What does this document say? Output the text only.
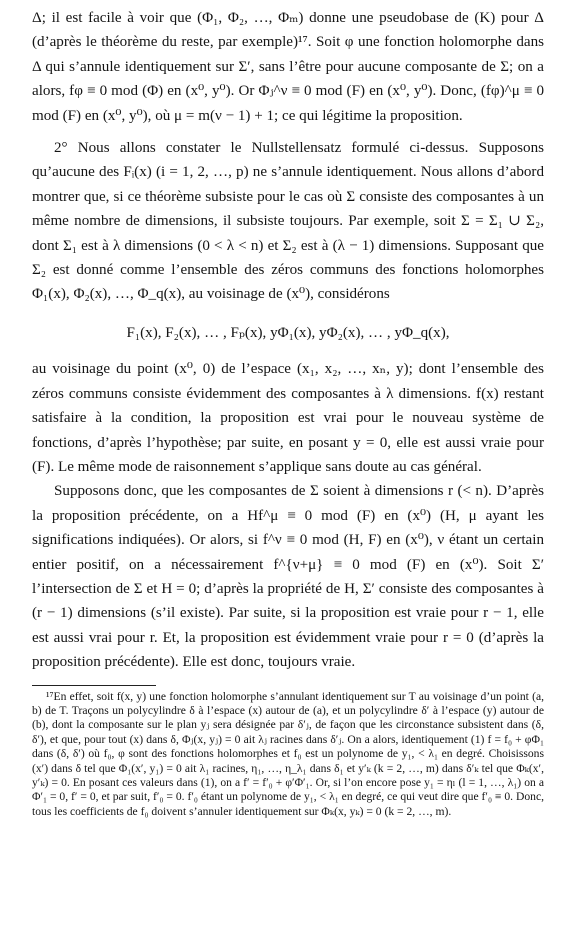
Δ; il est facile à voir que (Φ₁, Φ₂, …, Φₘ) donne une pseudobase de (K) pour Δ (d’après le théorème du reste, par exemple)¹⁷. Soit φ une fonction holomorphe dans Δ qui s’annule identiquement sur Σ′, sans l’être pour aucune composante de Σ; on a alors, fφ ≡ 0 mod (Φ) en (x⁰, y⁰). Or Φⱼ^ν ≡ 0 mod (F) en (x⁰, y⁰). Donc, (fφ)^μ ≡ 0 mod (F) en (x⁰, y⁰), où μ = m(ν − 1) + 1; ce qui légitime la proposition.

2° Nous allons constater le Nullstellensatz formulé ci-dessus. Supposons qu’aucune des Fᵢ(x) (i = 1, 2, …, p) ne s’annule identiquement. Nous allons d’abord montrer que, si ce théorème subsiste pour le cas où Σ consiste des composantes à un même nombre de dimensions, il subsiste toujours. Par exemple, soit Σ = Σ₁ ∪ Σ₂, dont Σ₁ est à λ dimensions (0 < λ < n) et Σ₂ est à (λ − 1) dimensions. Supposant que Σ₂ est donné comme l’ensemble des zéros communs des fonctions holomorphes Φ₁(x), Φ₂(x), …, Φ_q(x), au voisinage de (x⁰), considérons

F₁(x), F₂(x), … , Fₚ(x), yΦ₁(x), yΦ₂(x), … , yΦ_q(x),

au voisinage du point (x⁰, 0) de l’espace (x₁, x₂, …, xₙ, y); dont l’ensemble des zéros communs consiste évidemment des composantes à λ dimensions. f(x) restant satisfaire à la condition, la proposition est vrai pour le nouveau système de fonctions, d’après l’hypothèse; par suite, en posant y = 0, elle est aussi vraie pour (F). Le même mode de raisonnement s’applique sans doute au cas général.

Supposons donc, que les composantes de Σ soient à dimensions r (< n). D’après la proposition précédente, on a Hf^μ ≡ 0 mod (F) en (x⁰) (H, μ ayant les significations indiquées). Or alors, si f^ν ≡ 0 mod (H, F) en (x⁰), ν étant un certain entier positif, on a nécessairement f^{ν+μ} ≡ 0 mod (F) en (x⁰). Soit Σ′ l’intersection de Σ et H = 0; d’après la propriété de H, Σ′ consiste des composantes à (r − 1) dimensions (s’il existe). Par suite, si la proposition est vraie pour r − 1, elle est aussi vrai pour r. Et, la proposition est évidemment vraie pour r = 0 (d’après la proposition précédente). Elle est donc, toujours vraie.

¹⁷En effet, soit f(x, y) une fonction holomorphe s’annulant identiquement sur T au voisinage d’un point (a, b) de T. Traçons un polycylindre δ à l’espace (x) autour de (a), et un polycylindre δ′ à l’espace (y) autour de (b), dont la composante sur le plan yⱼ sera désignée par δ′ⱼ, de façon que les circonstance subsistent dans (δ, δ′), et que, pour tout (x) dans δ, Φⱼ(x, yⱼ) = 0 ait λⱼ racines dans δ′ⱼ. On a alors, identiquement (1) f = f₀ + φΦ₁ dans (δ, δ′) où f₀, φ sont des fonctions holomorphes et f₀ est un polynome de y₁, < λ₁ en degré. Choisissons (x′) dans δ tel que Φ₁(x′, y₁) = 0 ait λ₁ racines, η₁, …, η_λ₁ dans δ₁ et y′ₖ (k = 2, …, m) dans δ′ₖ tel que Φₖ(x′, y′ₖ) = 0. En posant ces valeurs dans (1), on a f′ = f′₀ + φ′Φ′₁. Or, si l’on encore pose y₁ = ηₗ (l = 1, …, λ₁) on a Φ′₁ = 0, f′ = 0, et par suit, f′₀ = 0. f′₀ étant un polynome de y₁, < λ₁ en degré, ce qui veut dire que f′₀ ≡ 0. Donc, tous les coefficients de f₀ doivent s’annuler identiquement sur Φₖ(x, yₖ) = 0 (k = 2, …, m).
